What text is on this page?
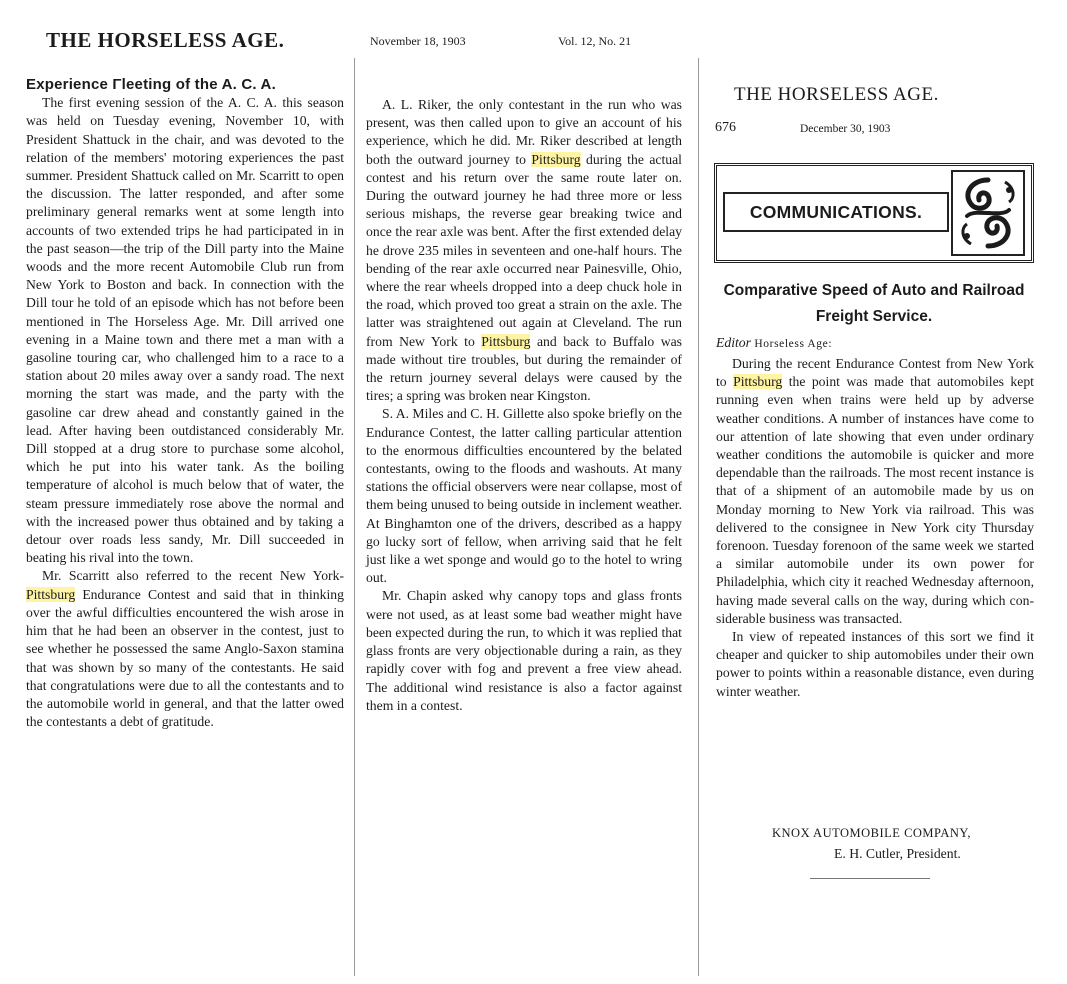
THE HORSELESS AGE.	November 18, 1903	Vol. 12, No. 21

Experience Γleeting of the A. C. A.

The first evening session of the A. C. A. this season was held on Tuesday evening, November 10, with President Shattuck in the chair, and was devoted to the relation of the members' motoring experiences the past summer. President Shattuck called on Mr. Scarritt to open the discussion. The latter responded, and after some preliminary general remarks went at some length into accounts of two extended trips he had participated in in the past season—the trip of the Dill party into the Maine woods and the more recent Automobile Club run from New York to Boston and back. In connection with the Dill tour he told of an episode which has not before been mentioned in The Horseless Age. Mr. Dill arrived one evening in a Maine town and there met a man with a gasoline touring car, who challenged him to a race to a station about 20 miles away over a sandy road. The next morning the start was made, and the party with the gasoline car drew ahead and constantly gained in the lead. After having been outdistanced considerably Mr. Dill stopped at a drug store to purchase some alcohol, which he put into his water tank. As the boiling temperature of alcohol is much below that of water, the steam pressure immediately rose above the normal and with the increased power thus obtained and by taking a detour over roads less sandy, Mr. Dill succeeded in beating his rival into the town.

Mr. Scarritt also referred to the recent New York-Pittsburg Endurance Contest and said that in thinking over the awful difficulties encountered the wish arose in him that he had been an observer in the contest, just to see whether he possessed the same Anglo-Saxon stamina that was shown by so many of the contestants. He said that congratulations were due to all the contestants and to the automobile world in general, and that the latter owed the contestants a debt of gratitude.

A. L. Riker, the only contestant in the run who was present, was then called upon to give an account of his experience, which he did. Mr. Riker described at length both the outward journey to Pittsburg during the actual contest and his return over the same route later on. During the outward journey he had three more or less serious mishaps, the reverse gear breaking twice and once the rear axle was bent. After the first extended delay he drove 235 miles in seventeen and one-half hours. The bending of the rear axle occurred near Painesville, Ohio, where the rear wheels dropped into a deep chuck hole in the road, which proved too great a strain on the axle. The latter was straightened out again at Cleveland. The run from New York to Pittsburg and back to Buffalo was made without tire troubles, but during the remainder of the return journey several delays were caused by the tires; a spring was broken near Kingston.

S. A. Miles and C. H. Gillette also spoke briefly on the Endurance Contest, the latter calling particular attention to the enormous difficulties encountered by the belated contestants, owing to the floods and washouts. At many stations the official observers were near collapse, most of them being unused to being outside in inclement weather. At Binghamton one of the drivers, described as a happy go lucky sort of fellow, when arriving said that he felt just like a wet sponge and would go to the hotel to wring out.

Mr. Chapin asked why canopy tops and glass fronts were not used, as at least some bad weather might have been expected during the run, to which it was replied that glass fronts are very objectionable during a rain, as they rapidly cover with fog and prevent a free view ahead. The additional wind resistance is also a factor against them in a contest.

THE HORSELESS AGE.
676	December 30, 1903
COMMUNICATIONS.
Comparative Speed of Auto and Railroad Freight Service.
Editor Horseless Age:

During the recent Endurance Contest from New York to Pittsburg the point was made that automobiles kept running even when trains were held up by adverse weather conditions. A number of instances have come to our attention of late showing that even under ordinary weather conditions the automobile is quicker and more dependable than the railroads. The most recent instance is that of a shipment of an automobile made by us on Monday morning to New York via railroad. This was delivered to the consignee in New York city Thursday forenoon. Tuesday forenoon of the same week we started a similar automobile under its own power for Philadelphia, which city it reached Wednesday afternoon, having made several calls on the way, during which considerable business was transacted.

In view of repeated instances of this sort we find it cheaper and quicker to ship automobiles under their own power to points within a reasonable distance, even during winter weather.

KNOX AUTOMOBILE COMPANY,
E. H. Cutler, President.
